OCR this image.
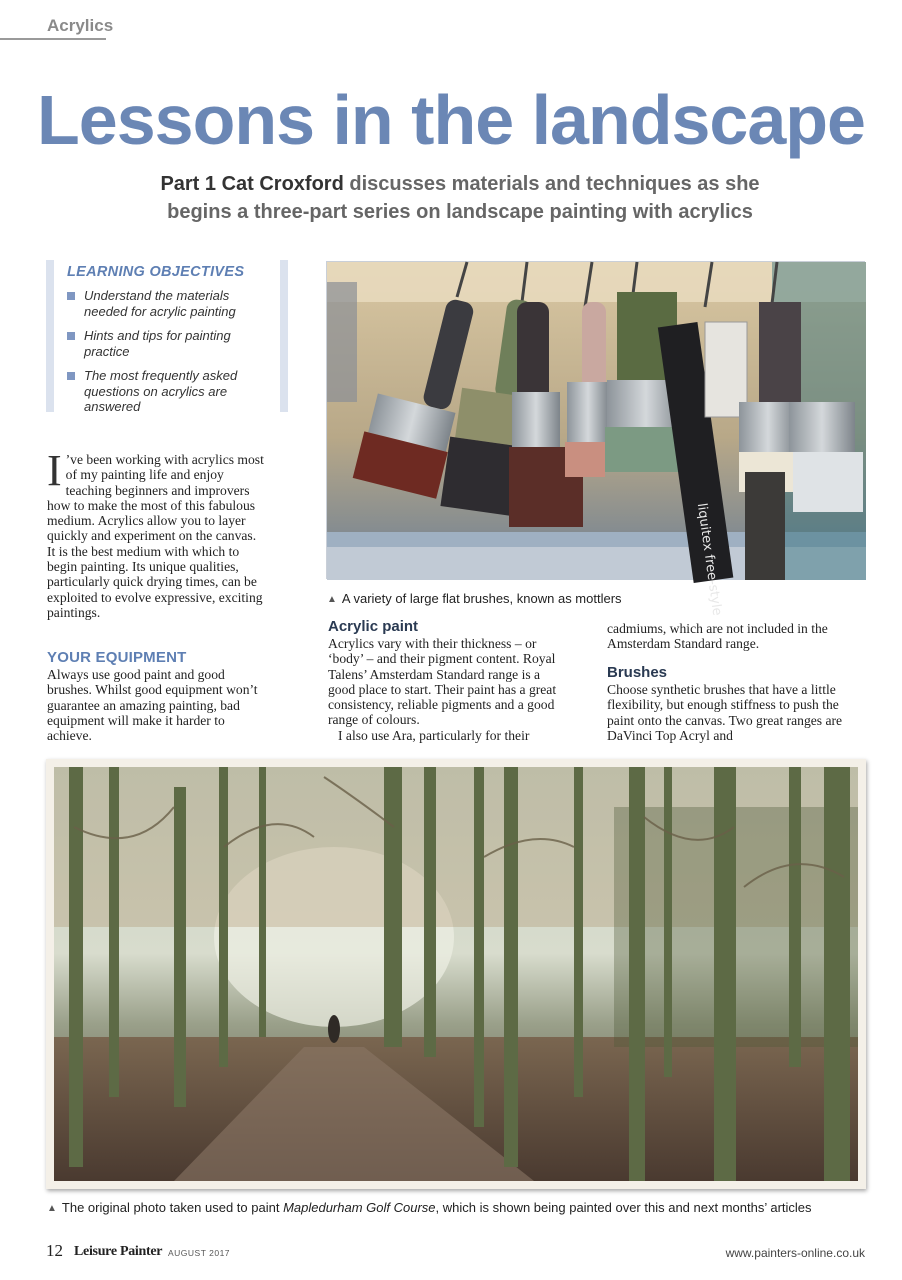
Acrylics
Lessons in the landscape
Part 1 Cat Croxford discusses materials and techniques as she
begins a three-part series on landscape painting with acrylics
LEARNING OBJECTIVES
Understand the materials needed for acrylic painting
Hints and tips for painting practice
The most frequently asked questions on acrylics are answered
I ’ve been working with acrylics most of my painting life and enjoy teaching beginners and improvers how to make the most of this fabulous medium. Acrylics allow you to layer quickly and experiment on the canvas. It is the best medium with which to begin painting. Its unique qualities, particularly quick drying times, can be exploited to evolve expressive, exciting paintings.
YOUR EQUIPMENT
Always use good paint and good brushes. Whilst good equipment won’t guarantee an amazing painting, bad equipment will make it harder to achieve.
liquitex
free-style
▲ A variety of large flat brushes, known as mottlers
Acrylic paint
Acrylics vary with their thickness – or ‘body’ – and their pigment content. Royal Talens’ Amsterdam Standard range is a good place to start. Their paint has a great consistency, reliable pigments and a good range of colours.
I also use Ara, particularly for their
cadmiums, which are not included in the Amsterdam Standard range.
Brushes
Choose synthetic brushes that have a little flexibility, but enough stiffness to push the paint onto the canvas. Two great ranges are DaVinci Top Acryl and
▲ The original photo taken used to paint Mapledurham Golf Course, which is shown being painted over this and next months’ articles
12 Leisure Painter AUGUST 2017	www.painters-online.co.uk
